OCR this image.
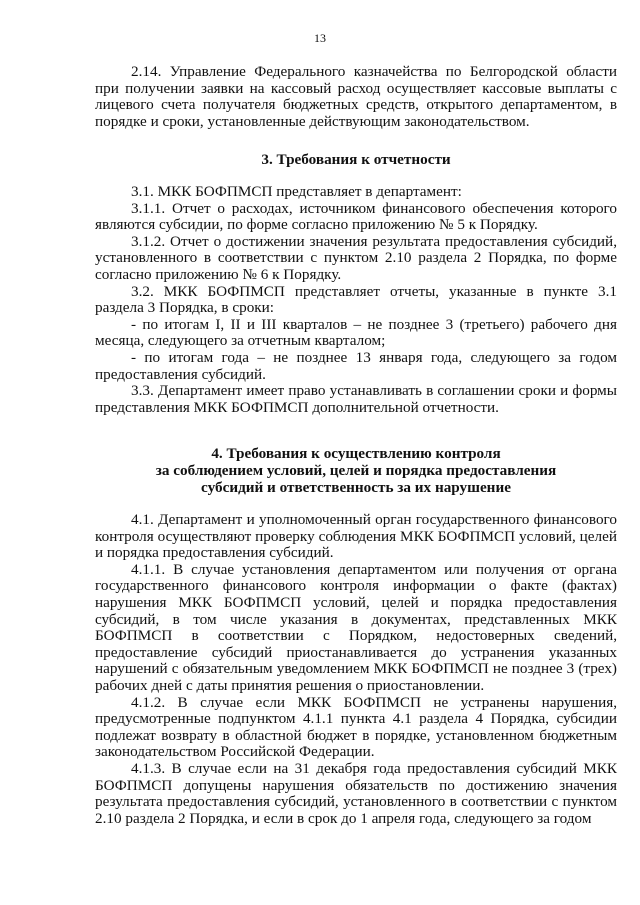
13

2.14. Управление Федерального казначейства по Белгородской области при получении заявки на кассовый расход осуществляет кассовые выплаты с лицевого счета получателя бюджетных средств, открытого департаментом, в порядке и сроки, установленные действующим законодательством.

3. Требования к отчетности

3.1. МКК БОФПМСП представляет в департамент:

3.1.1. Отчет о расходах, источником финансового обеспечения которого являются субсидии, по форме согласно приложению № 5 к Порядку.

3.1.2. Отчет о достижении значения результата предоставления субсидий, установленного в соответствии с пунктом 2.10 раздела 2 Порядка, по форме согласно приложению № 6 к Порядку.

3.2. МКК БОФПМСП представляет отчеты, указанные в пункте 3.1 раздела 3 Порядка, в сроки:

- по итогам I, II и III кварталов – не позднее 3 (третьего) рабочего дня месяца, следующего за отчетным кварталом;

- по итогам года – не позднее 13 января года, следующего за годом предоставления субсидий.

3.3. Департамент имеет право устанавливать в соглашении сроки и формы представления МКК БОФПМСП дополнительной отчетности.

4. Требования к осуществлению контроля
за соблюдением условий, целей и порядка предоставления
субсидий и ответственность за их нарушение

4.1. Департамент и уполномоченный орган государственного финансового контроля осуществляют проверку соблюдения МКК БОФПМСП условий, целей и порядка предоставления субсидий.

4.1.1. В случае установления департаментом или получения от органа государственного финансового контроля информации о факте (фактах) нарушения МКК БОФПМСП условий, целей и порядка предоставления субсидий, в том числе указания в документах, представленных МКК БОФПМСП в соответствии с Порядком, недостоверных сведений, предоставление субсидий приостанавливается до устранения указанных нарушений с обязательным уведомлением МКК БОФПМСП не позднее 3 (трех) рабочих дней с даты принятия решения о приостановлении.

4.1.2. В случае если МКК БОФПМСП не устранены нарушения, предусмотренные подпунктом 4.1.1 пункта 4.1 раздела 4 Порядка, субсидии подлежат возврату в областной бюджет в порядке, установленном бюджетным законодательством Российской Федерации.

4.1.3. В случае если на 31 декабря года предоставления субсидий МКК БОФПМСП допущены нарушения обязательств по достижению значения результата предоставления субсидий, установленного в соответствии с пунктом 2.10 раздела 2 Порядка, и если в срок до 1 апреля года, следующего за годом
